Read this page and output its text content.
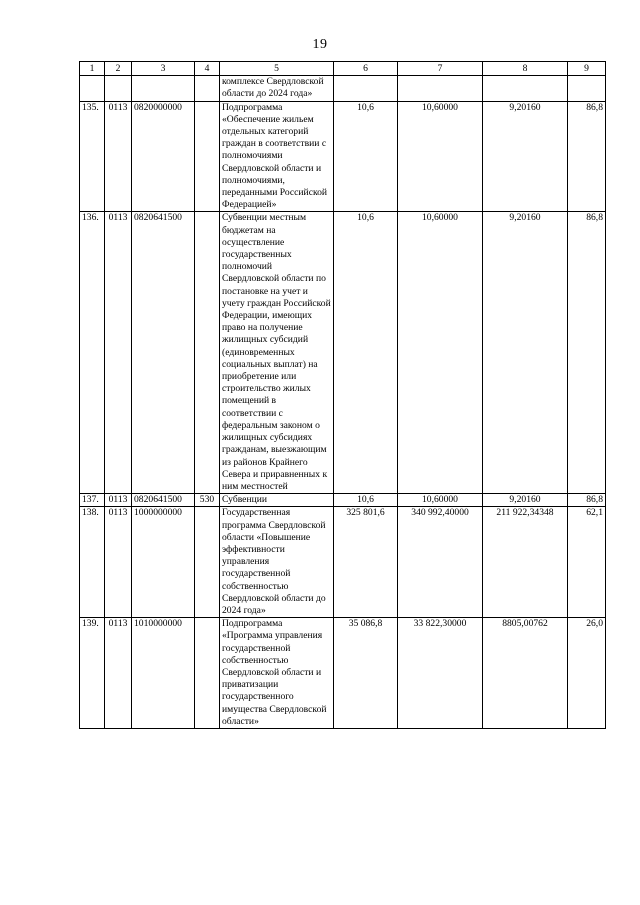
19
1	2	3	4	5	6	7	8	9
				комплексе Свердловской области до 2024 года»				
135.	0113	0820000000		Подпрограмма «Обеспечение жильем отдельных категорий граждан в соответствии с полномочиями Свердловской области и полномочиями, переданными Российской Федерацией»	10,6	10,60000	9,20160	86,8
136.	0113	0820641500		Субвенции местным бюджетам на осуществление государственных полномочий Свердловской области по постановке на учет и учету граждан Российской Федерации, имеющих право на получение жилищных субсидий (единовременных социальных выплат) на приобретение или строительство жилых помещений в соответствии с федеральным законом о жилищных субсидиях гражданам, выезжающим из районов Крайнего Севера и приравненных к ним местностей	10,6	10,60000	9,20160	86,8
137.	0113	0820641500	530	Субвенции	10,6	10,60000	9,20160	86,8
138.	0113	1000000000		Государственная программа Свердловской области «Повышение эффективности управления государственной собственностью Свердловской области до 2024 года»	325 801,6	340 992,40000	211 922,34348	62,1
139.	0113	1010000000		Подпрограмма «Программа управления государственной собственностью Свердловской области и приватизации государственного имущества Свердловской области»	35 086,8	33 822,30000	8805,00762	26,0
